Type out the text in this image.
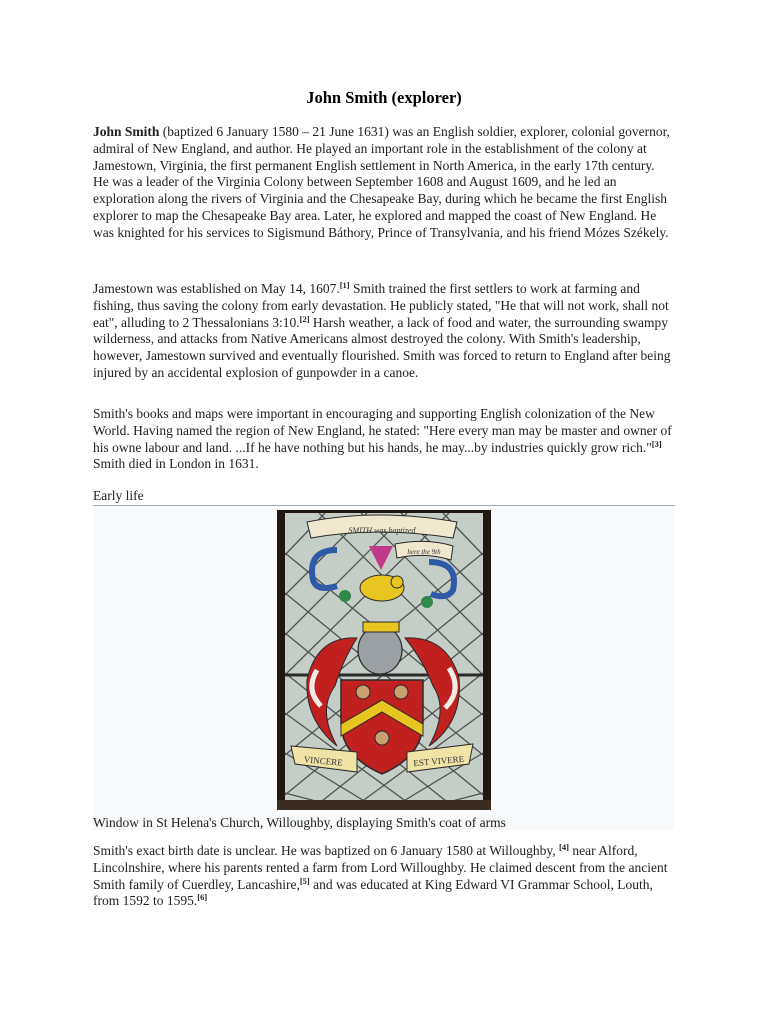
John Smith (explorer)

John Smith (baptized 6 January 1580 – 21 June 1631) was an English soldier, explorer, colonial governor, admiral of New England, and author. He played an important role in the establishment of the colony at Jamestown, Virginia, the first permanent English settlement in North America, in the early 17th century. He was a leader of the Virginia Colony between September 1608 and August 1609, and he led an exploration along the rivers of Virginia and the Chesapeake Bay, during which he became the first English explorer to map the Chesapeake Bay area. Later, he explored and mapped the coast of New England. He was knighted for his services to Sigismund Báthory, Prince of Transylvania, and his friend Mózes Székely.

Jamestown was established on May 14, 1607.[1] Smith trained the first settlers to work at farming and fishing, thus saving the colony from early devastation. He publicly stated, "He that will not work, shall not eat", alluding to 2 Thessalonians 3:10.[2] Harsh weather, a lack of food and water, the surrounding swampy wilderness, and attacks from Native Americans almost destroyed the colony. With Smith's leadership, however, Jamestown survived and eventually flourished. Smith was forced to return to England after being injured by an accidental explosion of gunpowder in a canoe.

Smith's books and maps were important in encouraging and supporting English colonization of the New World. Having named the region of New England, he stated: "Here every man may be master and owner of his owne labour and land. ...If he have nothing but his hands, he may...by industries quickly grow rich."[3] Smith died in London in 1631.

Early life
SMITH was baptized
here the 9th
VINCERE	EST VIVERE

Window in St Helena's Church, Willoughby, displaying Smith's coat of arms

Smith's exact birth date is unclear. He was baptized on 6 January 1580 at Willoughby, [4] near Alford, Lincolnshire, where his parents rented a farm from Lord Willoughby. He claimed descent from the ancient Smith family of Cuerdley, Lancashire,[5] and was educated at King Edward VI Grammar School, Louth, from 1592 to 1595.[6]
